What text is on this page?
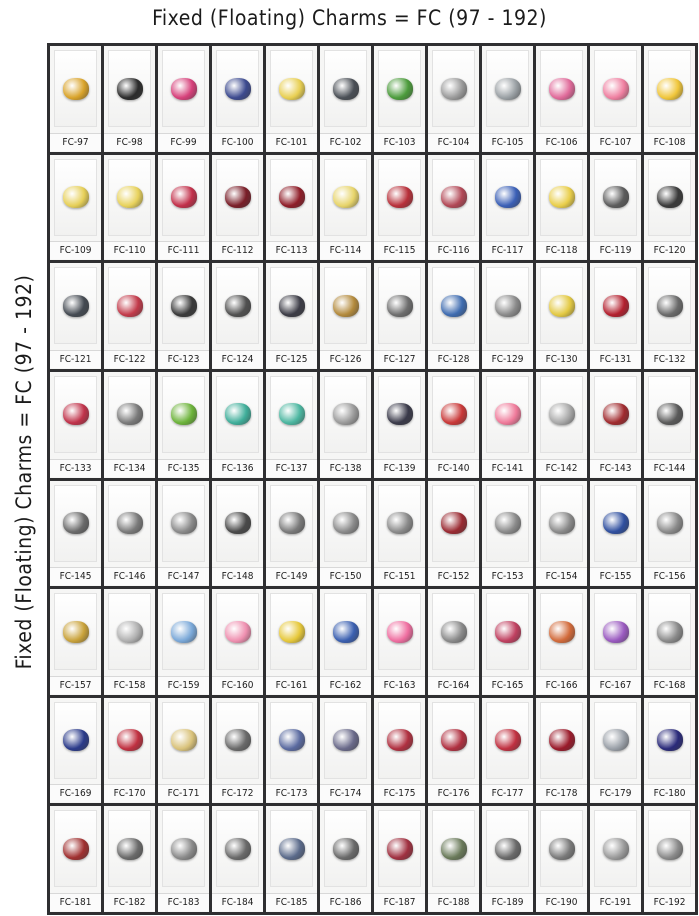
Fixed (Floating) Charms = FC (97 - 192)
Fixed (Floating) Charms = FC (97 - 192)
FC-97	FC-98	FC-99	FC-100	FC-101	FC-102	FC-103	FC-104	FC-105	FC-106	FC-107	FC-108
FC-109	FC-110	FC-111	FC-112	FC-113	FC-114	FC-115	FC-116	FC-117	FC-118	FC-119	FC-120
FC-121	FC-122	FC-123	FC-124	FC-125	FC-126	FC-127	FC-128	FC-129	FC-130	FC-131	FC-132
FC-133	FC-134	FC-135	FC-136	FC-137	FC-138	FC-139	FC-140	FC-141	FC-142	FC-143	FC-144
FC-145	FC-146	FC-147	FC-148	FC-149	FC-150	FC-151	FC-152	FC-153	FC-154	FC-155	FC-156
FC-157	FC-158	FC-159	FC-160	FC-161	FC-162	FC-163	FC-164	FC-165	FC-166	FC-167	FC-168
FC-169	FC-170	FC-171	FC-172	FC-173	FC-174	FC-175	FC-176	FC-177	FC-178	FC-179	FC-180
FC-181	FC-182	FC-183	FC-184	FC-185	FC-186	FC-187	FC-188	FC-189	FC-190	FC-191	FC-192
